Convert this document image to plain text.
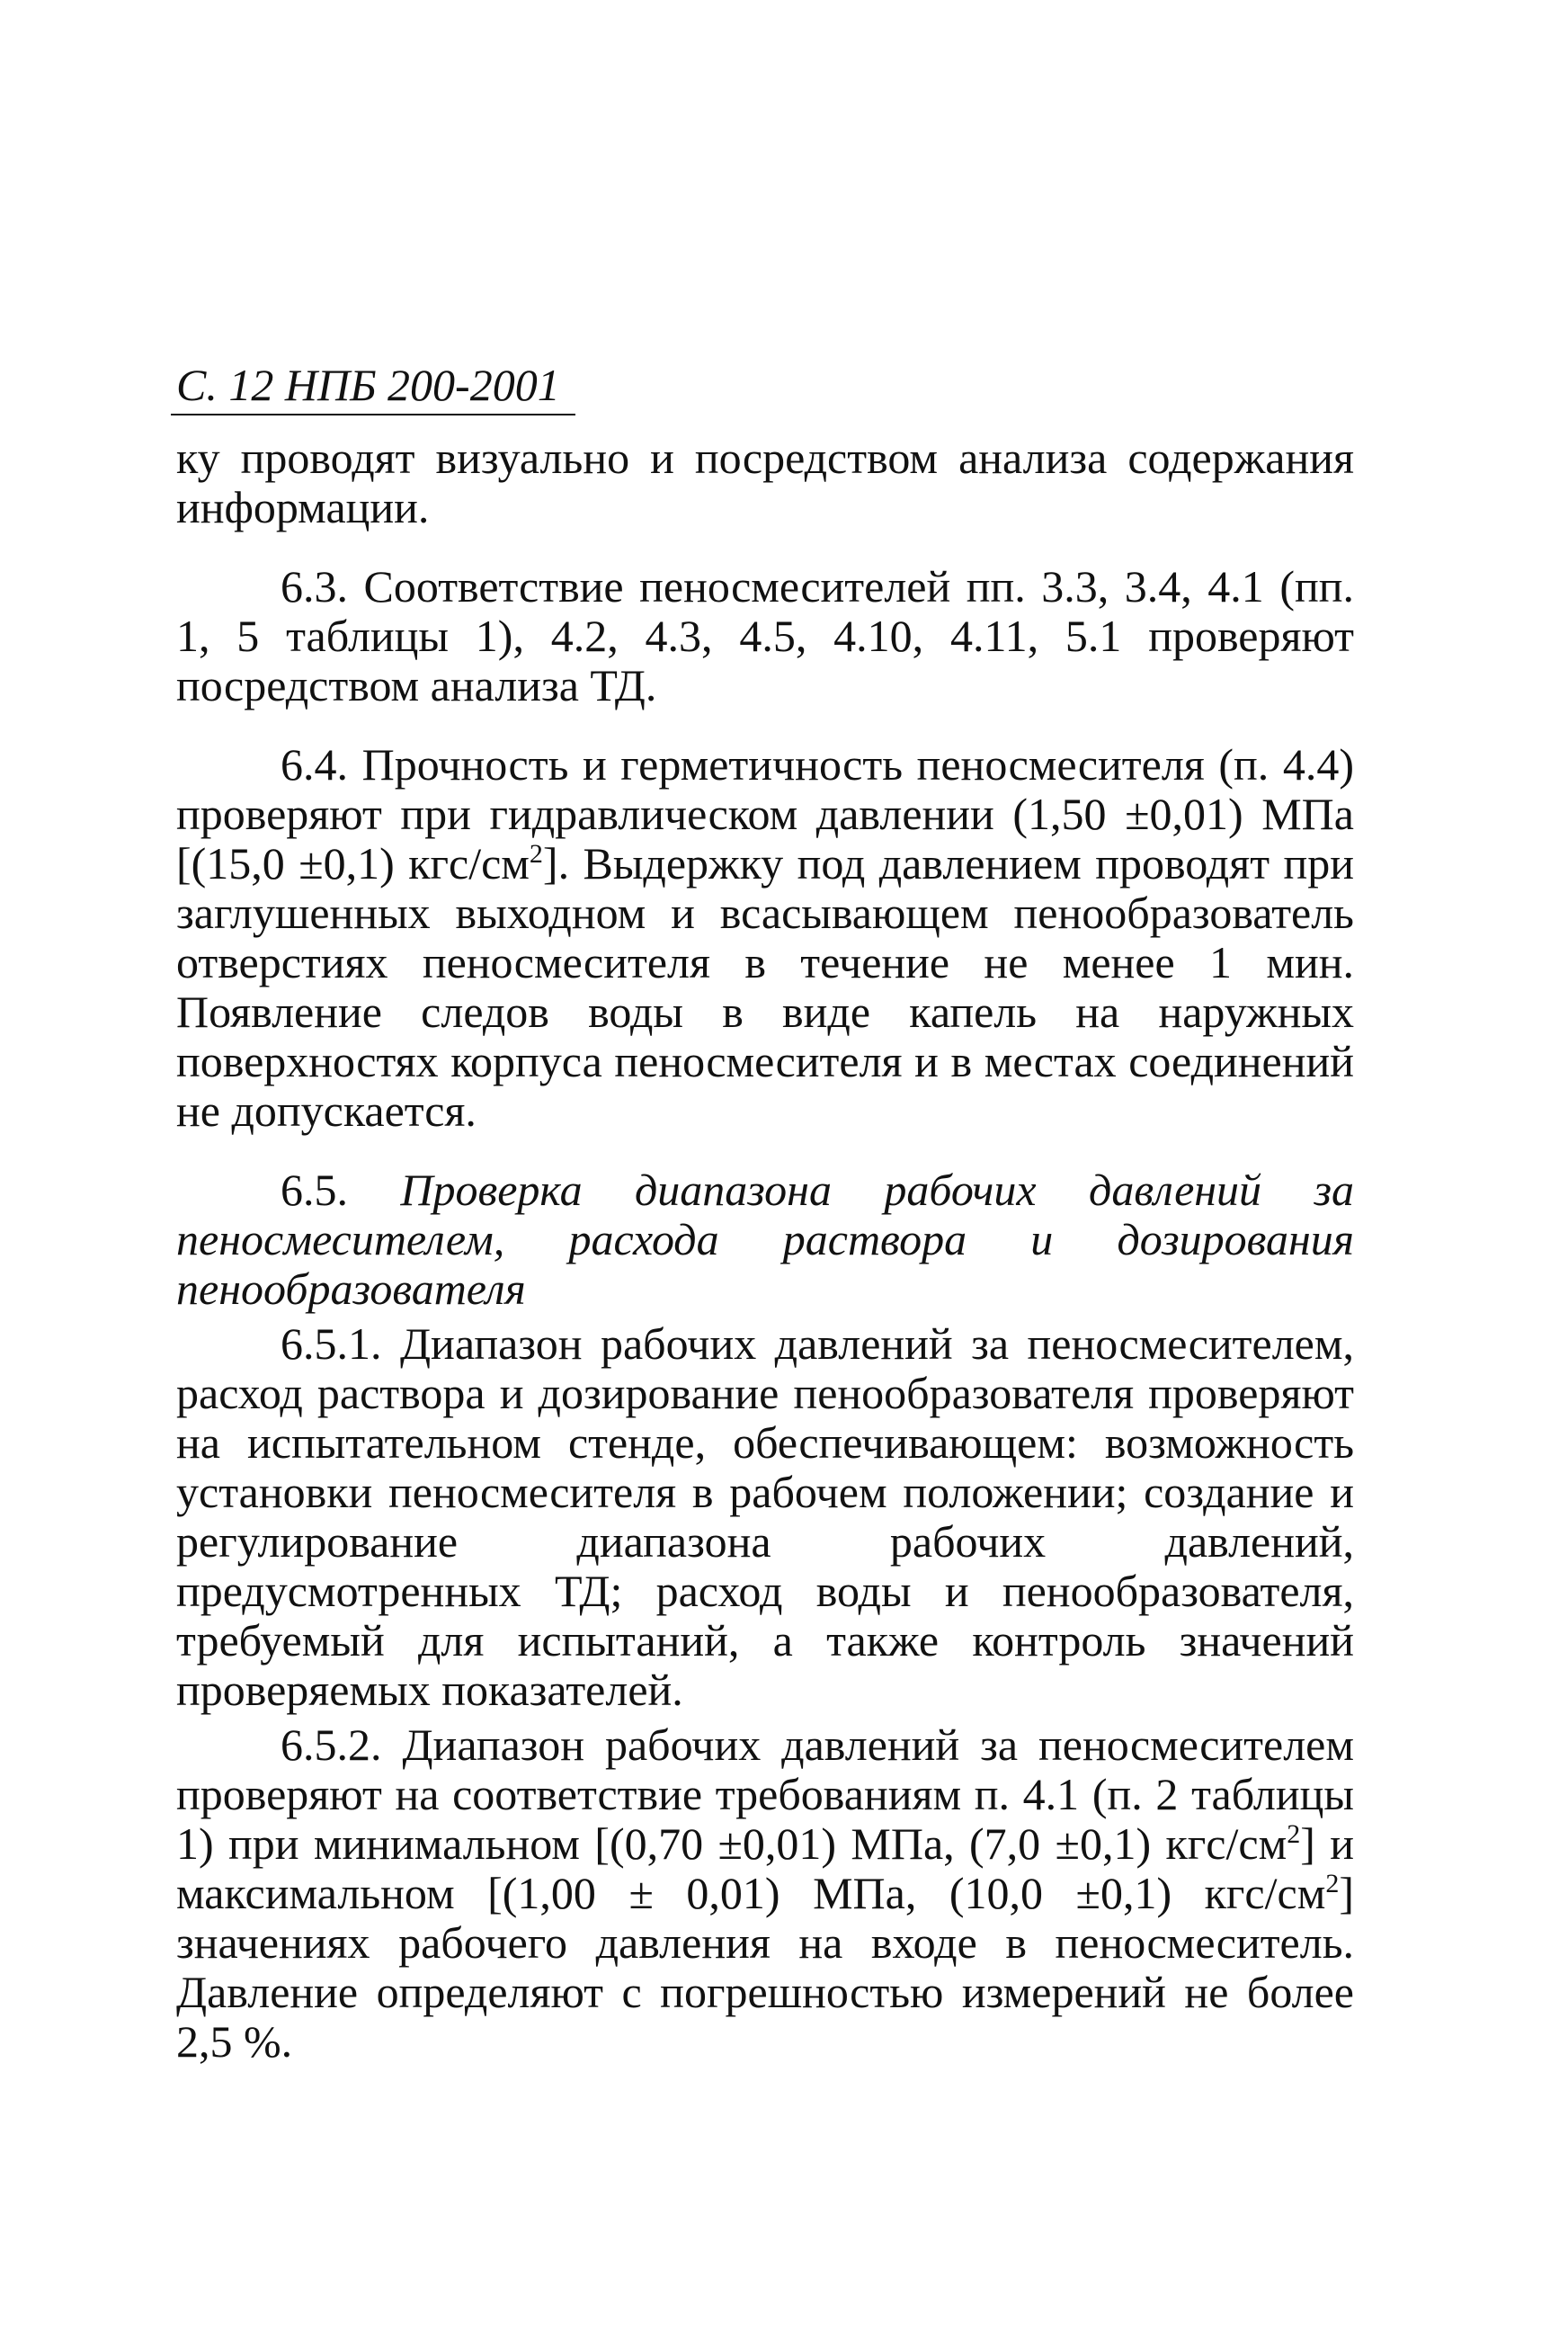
С. 12 НПБ 200-2001

ку проводят визуально и посредством анализа содержания информации.

6.3. Соответствие пеносмесителей пп. 3.3, 3.4, 4.1 (пп. 1, 5 таблицы 1), 4.2, 4.3, 4.5, 4.10, 4.11, 5.1 проверяют посредством анализа ТД.

6.4. Прочность и герметичность пеносмесителя (п. 4.4) проверяют при гидравлическом давлении (1,50 ±0,01) МПа [(15,0 ±0,1) кгс/$см^2$]. Выдержку под давлением проводят при заглушенных выходном и всасывающем пенообразователь отверстиях пеносмесителя в течение не менее 1 мин. Появление следов воды в виде капель на наружных поверхностях корпуса пеносмесителя и в местах соединений не допускается.

6.5. Проверка диапазона рабочих давлений за пеносмесителем, расхода раствора и дозирования пенообразователя

6.5.1. Диапазон рабочих давлений за пеносмесителем, расход раствора и дозирование пенообразователя проверяют на испытательном стенде, обеспечивающем: возможность установки пеносмесителя в рабочем положении; создание и регулирование диапазона рабочих давлений, предусмотренных ТД; расход воды и пенообразователя, требуемый для испытаний, а также контроль значений проверяемых показателей.

6.5.2. Диапазон рабочих давлений за пеносмесителем проверяют на соответствие требованиям п. 4.1 (п. 2 таблицы 1) при минимальном [(0,70 ±0,01) МПа, (7,0 ±0,1) кгс/$см^2$] и максимальном [(1,00 ± 0,01) МПа, (10,0 ±0,1) кгс/$см^2$] значениях рабочего давления на входе в пеносмеситель. Давление определяют с погрешностью измерений не более 2,5 %.
